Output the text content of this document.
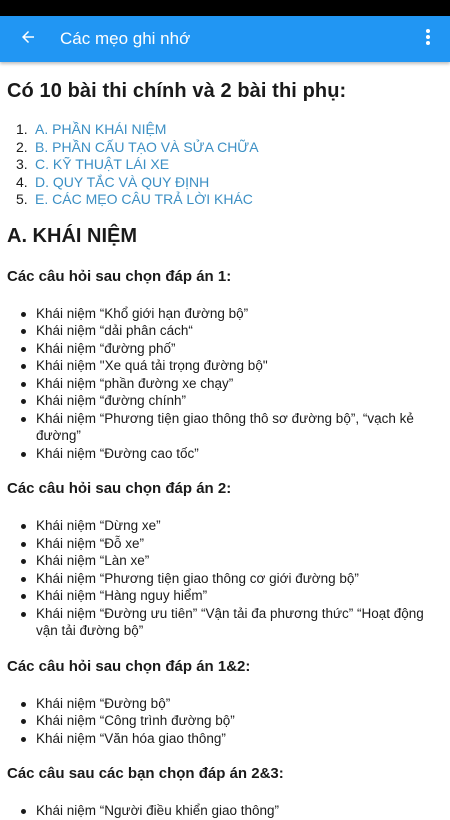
Các mẹo ghi nhớ
Có 10 bài thi chính và 2 bài thi phụ:
1. A. PHẦN KHÁI NIỆM
2. B. PHẦN CẤU TẠO VÀ SỬA CHỮA
3. C. KỸ THUẬT LÁI XE
4. D. QUY TẮC VÀ QUY ĐỊNH
5. E. CÁC MẸO CÂU TRẢ LỜI KHÁC
A. KHÁI NIỆM
Các câu hỏi sau chọn đáp án 1:
Khái niệm “Khổ giới hạn đường bộ”
Khái niệm “dải phân cách“
Khái niệm “đường phố”
Khái niệm "Xe quá tải trọng đường bộ"
Khái niệm “phần đường xe chạy”
Khái niệm “đường chính”
Khái niệm “Phương tiện giao thông thô sơ đường bộ”, “vạch kẻ đường”
Khái niệm “Đường cao tốc”
Các câu hỏi sau chọn đáp án 2:
Khái niệm “Dừng xe”
Khái niệm “Đỗ xe”
Khái niệm “Làn xe”
Khái niệm “Phương tiện giao thông cơ giới đường bộ”
Khái niệm “Hàng nguy hiểm”
Khái niệm “Đường ưu tiên” “Vận tải đa phương thức” “Hoạt động vận tải đường bộ”
Các câu hỏi sau chọn đáp án 1&2:
Khái niệm “Đường bộ”
Khái niệm “Công trình đường bộ”
Khái niệm “Văn hóa giao thông”
Các câu sau các bạn chọn đáp án 2&3:
Khái niệm “Người điều khiển giao thông”
